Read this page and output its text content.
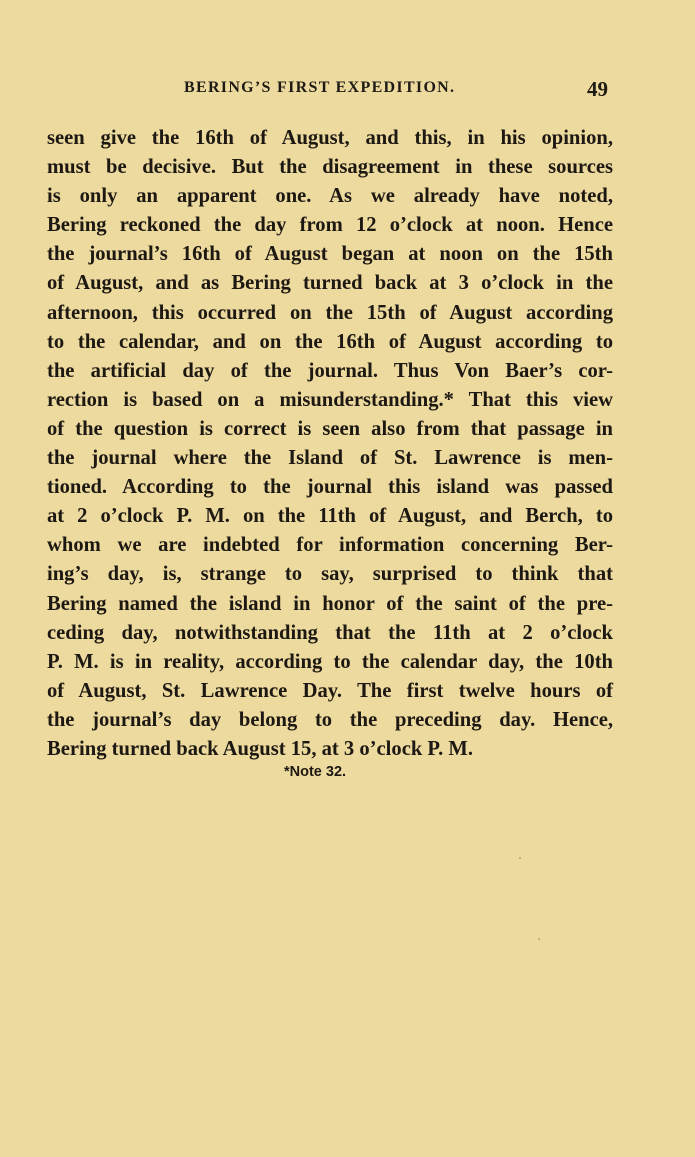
BERING’S FIRST EXPEDITION.	49
seen give the 16th of August, and this, in his opinion,
must be decisive. But the disagreement in these sources
is only an apparent one. As we already have noted,
Bering reckoned the day from 12 o’clock at noon. Hence
the journal’s 16th of August began at noon on the 15th
of August, and as Bering turned back at 3 o’clock in the
afternoon, this occurred on the 15th of August according
to the calendar, and on the 16th of August according to
the artificial day of the journal. Thus Von Baer’s cor-
rection is based on a misunderstanding.* That this view
of the question is correct is seen also from that passage in
the journal where the Island of St. Lawrence is men-
tioned. According to the journal this island was passed
at 2 o’clock P. M. on the 11th of August, and Berch, to
whom we are indebted for information concerning Ber-
ing’s day, is, strange to say, surprised to think that
Bering named the island in honor of the saint of the pre-
ceding day, notwithstanding that the 11th at 2 o’clock
P. M. is in reality, according to the calendar day, the 10th
of August, St. Lawrence Day. The first twelve hours of
the journal’s day belong to the preceding day. Hence,
Bering turned back August 15, at 3 o’clock P. M.
*Note 32.
